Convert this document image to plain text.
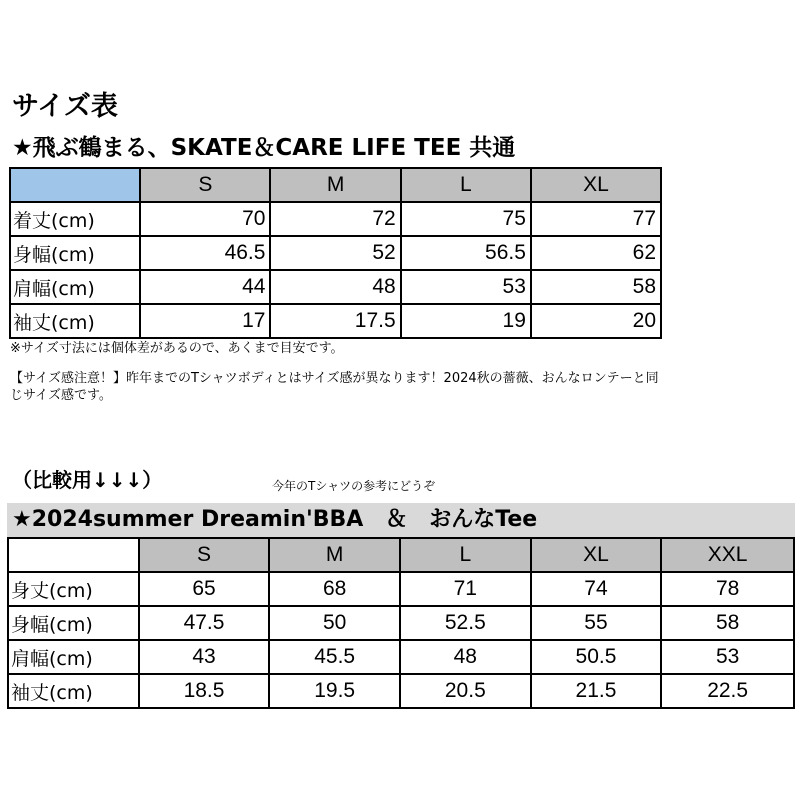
サイズ表
★飛ぶ鶴まる、SKATE＆CARE LIFE TEE 共通
	S	M	L	XL
着丈(cm)	70	72	75	77
身幅(cm)	46.5	52	56.5	62
肩幅(cm)	44	48	53	58
袖丈(cm)	17	17.5	19	20
※サイズ寸法には個体差があるので、あくまで目安です。
【サイズ感注意！】昨年までのTシャツボディとはサイズ感が異なります！2024秋の薔薇、おんなロンテーと同じサイズ感です。
（比較用↓↓↓）	今年のTシャツの参考にどうぞ
★2024summer Dreamin'BBA　＆　おんなTee
	S	M	L	XL	XXL
身丈(cm)	65	68	71	74	78
身幅(cm)	47.5	50	52.5	55	58
肩幅(cm)	43	45.5	48	50.5	53
袖丈(cm)	18.5	19.5	20.5	21.5	22.5
